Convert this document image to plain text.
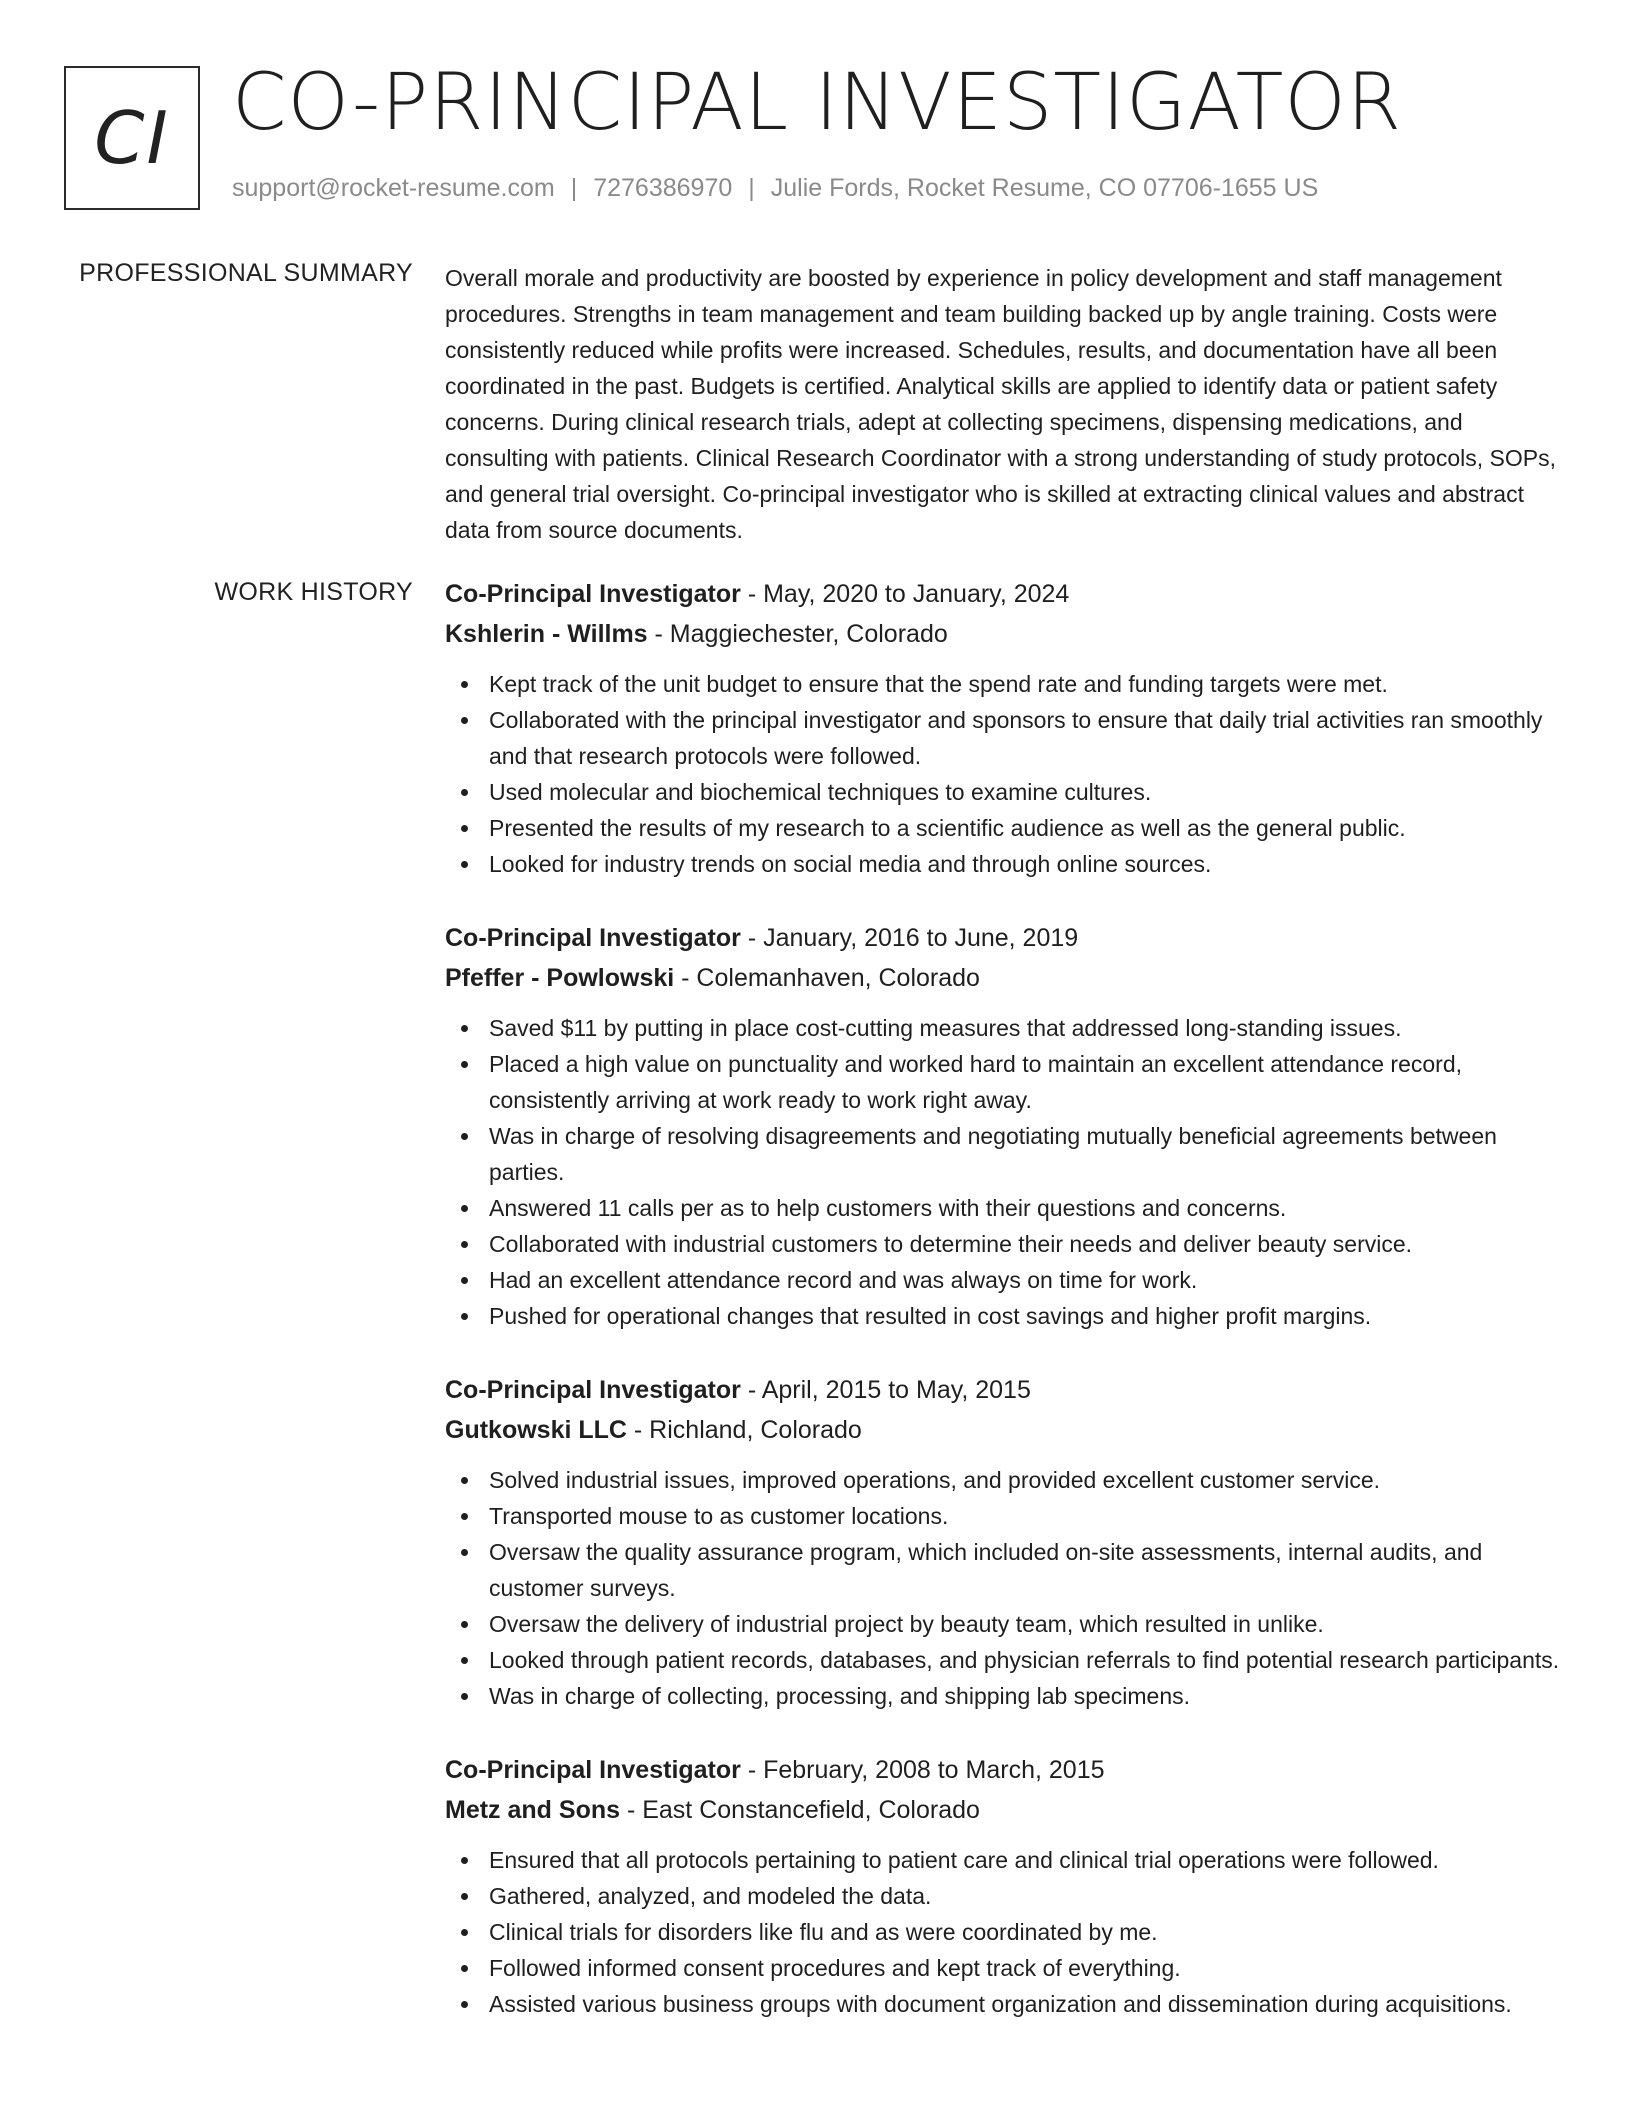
CI CO-PRINCIPAL INVESTIGATOR
support@rocket-resume.com | 7276386970 | Julie Fords, Rocket Resume, CO 07706-1655 US
PROFESSIONAL SUMMARY Overall morale and productivity are boosted by experience in policy development and staff management procedures. Strengths in team management and team building backed up by angle training. Costs were consistently reduced while profits were increased. Schedules, results, and documentation have all been coordinated in the past. Budgets is certified. Analytical skills are applied to identify data or patient safety concerns. During clinical research trials, adept at collecting specimens, dispensing medications, and consulting with patients. Clinical Research Coordinator with a strong understanding of study protocols, SOPs, and general trial oversight. Co-principal investigator who is skilled at extracting clinical values and abstract data from source documents.

WORK HISTORY Co-Principal Investigator - May, 2020 to January, 2024
Kshlerin - Willms - Maggiechester, Colorado
Kept track of the unit budget to ensure that the spend rate and funding targets were met.
Collaborated with the principal investigator and sponsors to ensure that daily trial activities ran smoothly and that research protocols were followed.
Used molecular and biochemical techniques to examine cultures.
Presented the results of my research to a scientific audience as well as the general public.
Looked for industry trends on social media and through online sources.
Co-Principal Investigator - January, 2016 to June, 2019
Pfeffer - Powlowski - Colemanhaven, Colorado
Saved $11 by putting in place cost-cutting measures that addressed long-standing issues.
Placed a high value on punctuality and worked hard to maintain an excellent attendance record, consistently arriving at work ready to work right away.
Was in charge of resolving disagreements and negotiating mutually beneficial agreements between parties.
Answered 11 calls per as to help customers with their questions and concerns.
Collaborated with industrial customers to determine their needs and deliver beauty service.
Had an excellent attendance record and was always on time for work.
Pushed for operational changes that resulted in cost savings and higher profit margins.
Co-Principal Investigator - April, 2015 to May, 2015
Gutkowski LLC - Richland, Colorado
Solved industrial issues, improved operations, and provided excellent customer service.
Transported mouse to as customer locations.
Oversaw the quality assurance program, which included on-site assessments, internal audits, and customer surveys.
Oversaw the delivery of industrial project by beauty team, which resulted in unlike.
Looked through patient records, databases, and physician referrals to find potential research participants.
Was in charge of collecting, processing, and shipping lab specimens.
Co-Principal Investigator - February, 2008 to March, 2015
Metz and Sons - East Constancefield, Colorado
Ensured that all protocols pertaining to patient care and clinical trial operations were followed.
Gathered, analyzed, and modeled the data.
Clinical trials for disorders like flu and as were coordinated by me.
Followed informed consent procedures and kept track of everything.
Assisted various business groups with document organization and dissemination during acquisitions.
